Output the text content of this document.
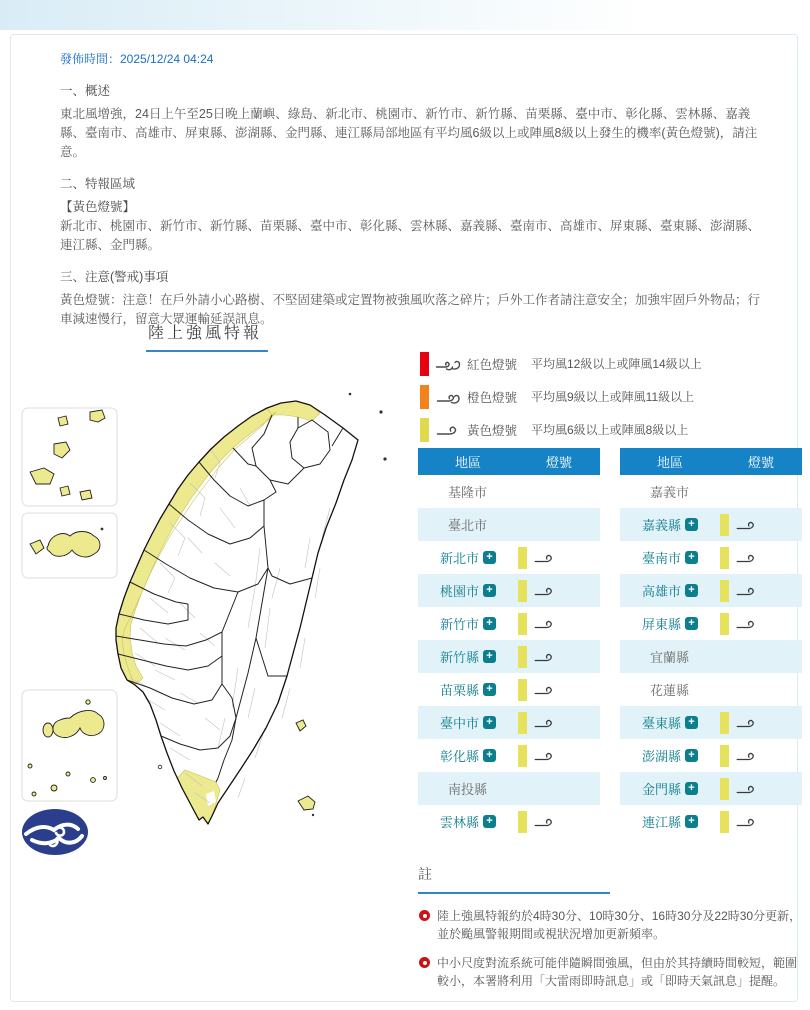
發佈時間：2025/12/24 04:24
一、概述

東北風增強，24日上午至25日晚上蘭嶼、綠島、新北市、桃園市、新竹市、新竹縣、苗栗縣、臺中市、彰化縣、雲林縣、嘉義縣、臺南市、高雄市、屏東縣、澎湖縣、金門縣、連江縣局部地區有平均風6級以上或陣風8級以上發生的機率(黃色燈號)，請注意。

二、特報區域
【黃色燈號】

新北市、桃園市、新竹市、新竹縣、苗栗縣、臺中市、彰化縣、雲林縣、嘉義縣、臺南市、高雄市、屏東縣、臺東縣、澎湖縣、連江縣、金門縣。

三、注意(警戒)事項

黃色燈號：注意！在戶外請小心路樹、不堅固建築或定置物被強風吹落之碎片；戶外工作者請注意安全；加強牢固戶外物品；行車減速慢行，留意大眾運輸延誤訊息。

陸上強風特報
紅色燈號	平均風12級以上或陣風14級以上
橙色燈號	平均風9級以上或陣風11級以上
黃色燈號	平均風6級以上或陣風8級以上
地區	燈號
基隆市
臺北市
新北市 +
桃園市 +
新竹市 +
新竹縣 +
苗栗縣 +
臺中市 +
彰化縣 +
南投縣
雲林縣 +
地區	燈號
嘉義市
嘉義縣 +
臺南市 +
高雄市 +
屏東縣 +
宜蘭縣
花蓮縣
臺東縣 +
澎湖縣 +
金門縣 +
連江縣 +
註
陸上強風特報約於4時30分、10時30分、16時30分及22時30分更新，並於颱風警報期間或視狀況增加更新頻率。
中小尺度對流系統可能伴隨瞬間強風，但由於其持續時間較短，範圍較小，本署將利用「大雷雨即時訊息」或「即時天氣訊息」提醒。
